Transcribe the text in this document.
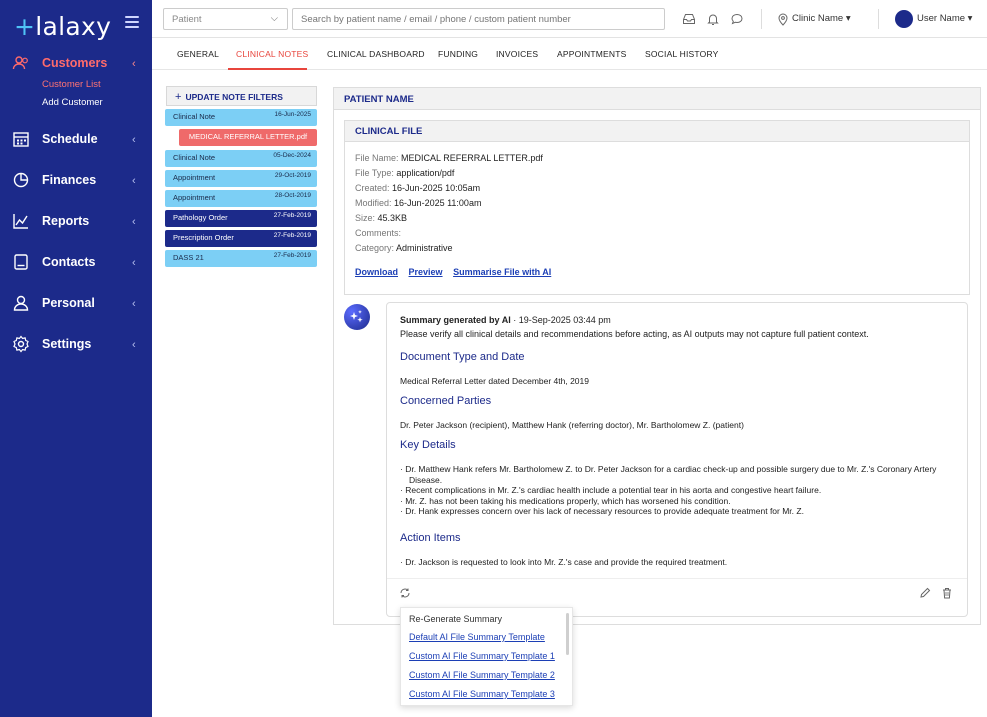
+lalaxy
Customers ‹
Customer List
Add Customer
Schedule	‹
Finances	‹
Reports	‹
Contacts	‹
Personal	‹
Settings	‹
Patient	⌵
Search by patient name / email / phone / custom patient number	Clinic Name ▾	User Name ▾
GENERAL CLINICAL NOTES CLINICAL DASHBOARD FUNDING INVOICES APPOINTMENTS SOCIAL HISTORY
+ UPDATE NOTE FILTERS
Clinical Note	16-Jun-2025
MEDICAL REFERRAL LETTER.pdf
Clinical Note	05-Dec-2024
Appointment	29-Oct-2019
Appointment	28-Oct-2019
Pathology Order	27-Feb-2019
Prescription Order	27-Feb-2019
DASS 21	27-Feb-2019
PATIENT NAME
CLINICAL FILE
File Name: MEDICAL REFERRAL LETTER.pdf
File Type: application/pdf
Created: 16-Jun-2025 10:05am
Modified: 16-Jun-2025 11:00am
Size: 45.3KB
Comments:
Category: Administrative
Download Preview Summarise File with AI
Summary generated by AI · 19-Sep-2025 03:44 pm
Please verify all clinical details and recommendations before acting, as AI outputs may not capture full patient context.
Document Type and Date

Medical Referral Letter dated December 4th, 2019

Concerned Parties

Dr. Peter Jackson (recipient), Matthew Hank (referring doctor), Mr. Bartholomew Z. (patient)

Key Details
· Dr. Matthew Hank refers Mr. Bartholomew Z. to Dr. Peter Jackson for a cardiac check-up and possible surgery due to Mr. Z.'s Coronary Artery Disease.
· Recent complications in Mr. Z.'s cardiac health include a potential tear in his aorta and congestive heart failure.
· Mr. Z. has not been taking his medications properly, which has worsened his condition.
· Dr. Hank expresses concern over his lack of necessary resources to provide adequate treatment for Mr. Z.
Action Items
· Dr. Jackson is requested to look into Mr. Z.'s case and provide the required treatment.
Re-Generate Summary
Default AI File Summary Template
Custom AI File Summary Template 1
Custom AI File Summary Template 2
Custom AI File Summary Template 3
